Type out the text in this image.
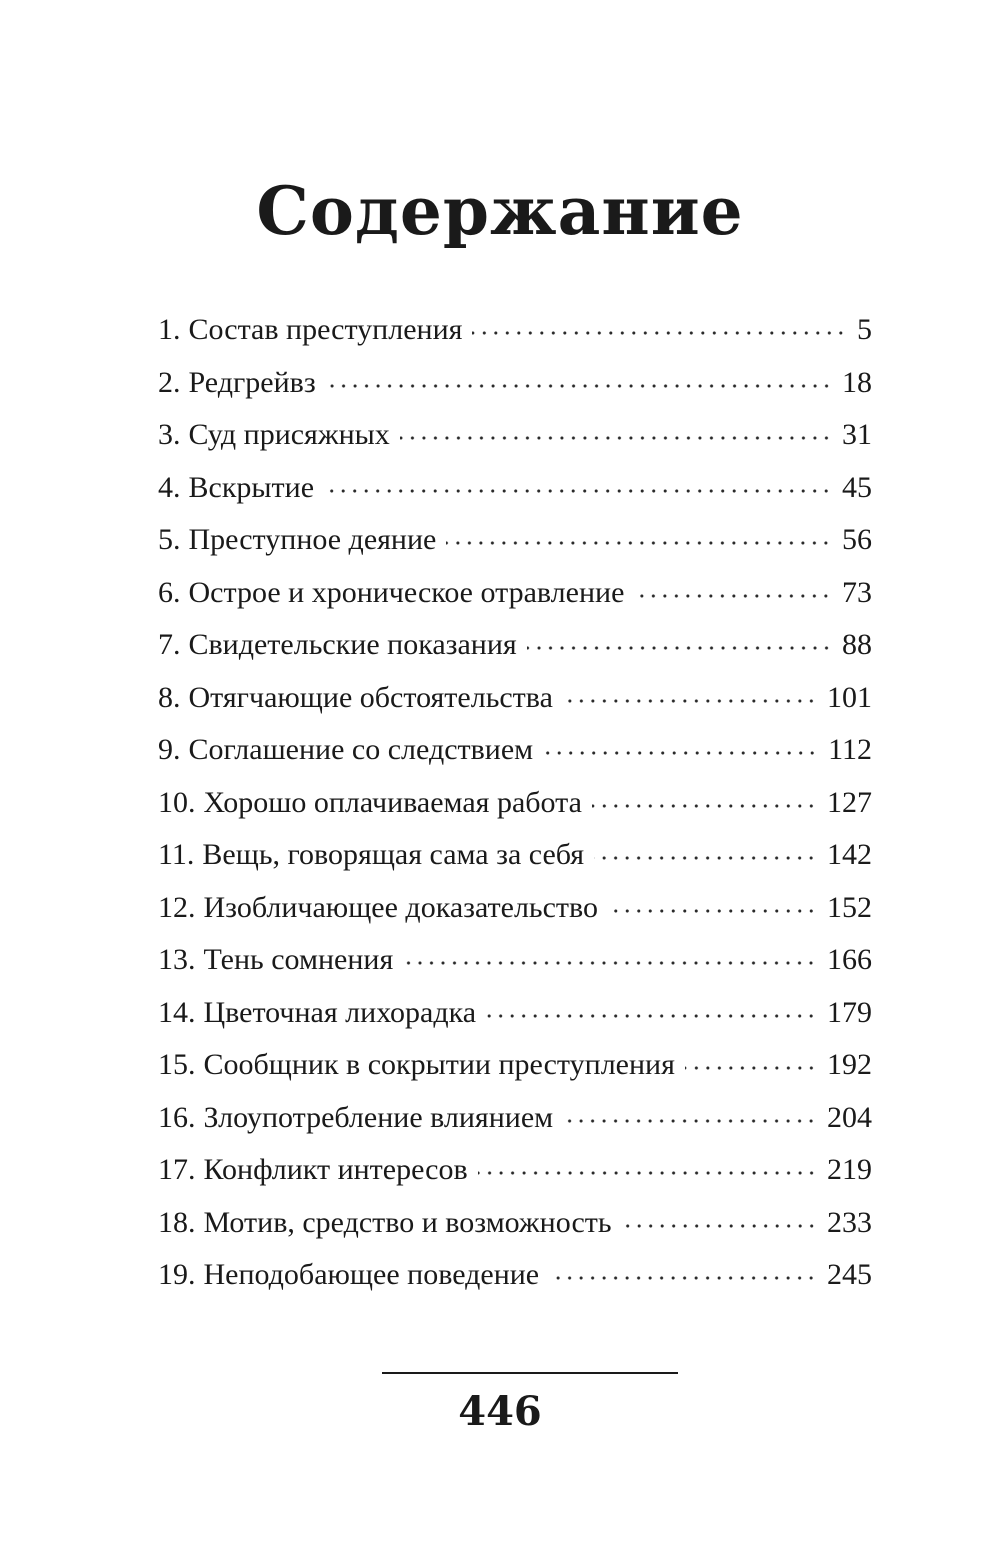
Содержание
1. Состав преступления	5
2. Редгрейвз	18
3. Суд присяжных	31
4. Вскрытие	45
5. Преступное деяние	56
6. Острое и хроническое отравление	73
7. Свидетельские показания	88
8. Отягчающие обстоятельства	101
9. Соглашение со следствием	112
10. Хорошо оплачиваемая работа	127
11. Вещь, говорящая сама за себя	142
12. Изобличающее доказательство	152
13. Тень сомнения	166
14. Цветочная лихорадка	179
15. Сообщник в сокрытии преступления	192
16. Злоупотребление влиянием	204
17. Конфликт интересов	219
18. Мотив, средство и возможность	233
19. Неподобающее поведение	245
446
